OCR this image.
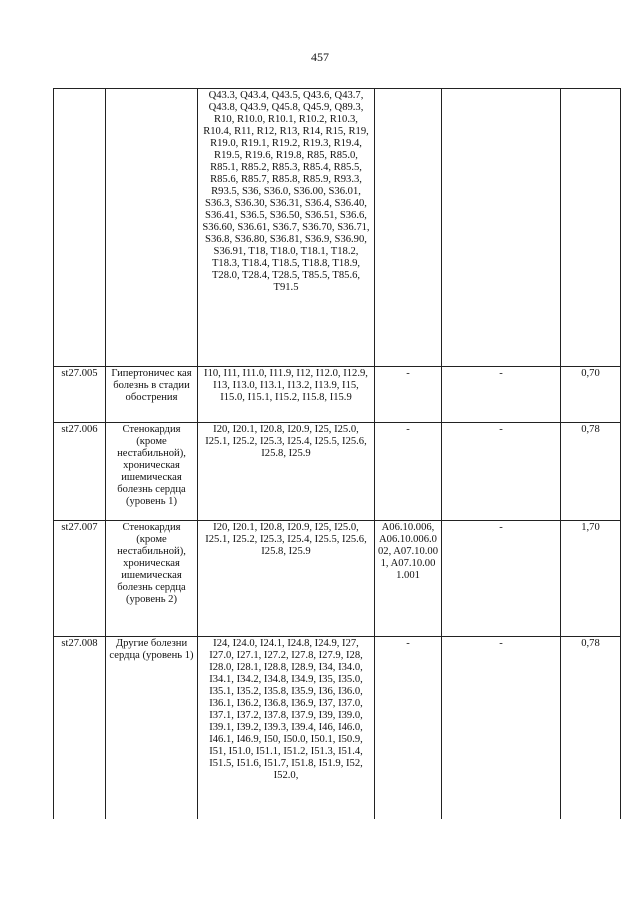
457
		Q43.3, Q43.4, Q43.5, Q43.6, Q43.7, Q43.8, Q43.9, Q45.8, Q45.9, Q89.3, R10, R10.0, R10.1, R10.2, R10.3, R10.4, R11, R12, R13, R14, R15, R19, R19.0, R19.1, R19.2, R19.3, R19.4, R19.5, R19.6, R19.8, R85, R85.0, R85.1, R85.2, R85.3, R85.4, R85.5, R85.6, R85.7, R85.8, R85.9, R93.3, R93.5, S36, S36.0, S36.00, S36.01, S36.3, S36.30, S36.31, S36.4, S36.40, S36.41, S36.5, S36.50, S36.51, S36.6, S36.60, S36.61, S36.7, S36.70, S36.71, S36.8, S36.80, S36.81, S36.9, S36.90, S36.91, T18, T18.0, T18.1, T18.2, T18.3, T18.4, T18.5, T18.8, T18.9, T28.0, T28.4, T28.5, T85.5, T85.6, T91.5			
st27.005	Гипертоничес кая болезнь в стадии обострения	I10, I11, I11.0, I11.9, I12, I12.0, I12.9, I13, I13.0, I13.1, I13.2, I13.9, I15, I15.0, I15.1, I15.2, I15.8, I15.9	-	-	0,70
st27.006	Стенокардия (кроме нестабильной), хроническая ишемическая болезнь сердца (уровень 1)	I20, I20.1, I20.8, I20.9, I25, I25.0, I25.1, I25.2, I25.3, I25.4, I25.5, I25.6, I25.8, I25.9	-	-	0,78
st27.007	Стенокардия (кроме нестабильной), хроническая ишемическая болезнь сердца (уровень 2)	I20, I20.1, I20.8, I20.9, I25, I25.0, I25.1, I25.2, I25.3, I25.4, I25.5, I25.6, I25.8, I25.9	A06.10.006, A06.10.006.002, A07.10.001, A07.10.001.001	-	1,70
st27.008	Другие болезни сердца (уровень 1)	I24, I24.0, I24.1, I24.8, I24.9, I27, I27.0, I27.1, I27.2, I27.8, I27.9, I28, I28.0, I28.1, I28.8, I28.9, I34, I34.0, I34.1, I34.2, I34.8, I34.9, I35, I35.0, I35.1, I35.2, I35.8, I35.9, I36, I36.0, I36.1, I36.2, I36.8, I36.9, I37, I37.0, I37.1, I37.2, I37.8, I37.9, I39, I39.0, I39.1, I39.2, I39.3, I39.4, I46, I46.0, I46.1, I46.9, I50, I50.0, I50.1, I50.9, I51, I51.0, I51.1, I51.2, I51.3, I51.4, I51.5, I51.6, I51.7, I51.8, I51.9, I52, I52.0,	-	-	0,78
